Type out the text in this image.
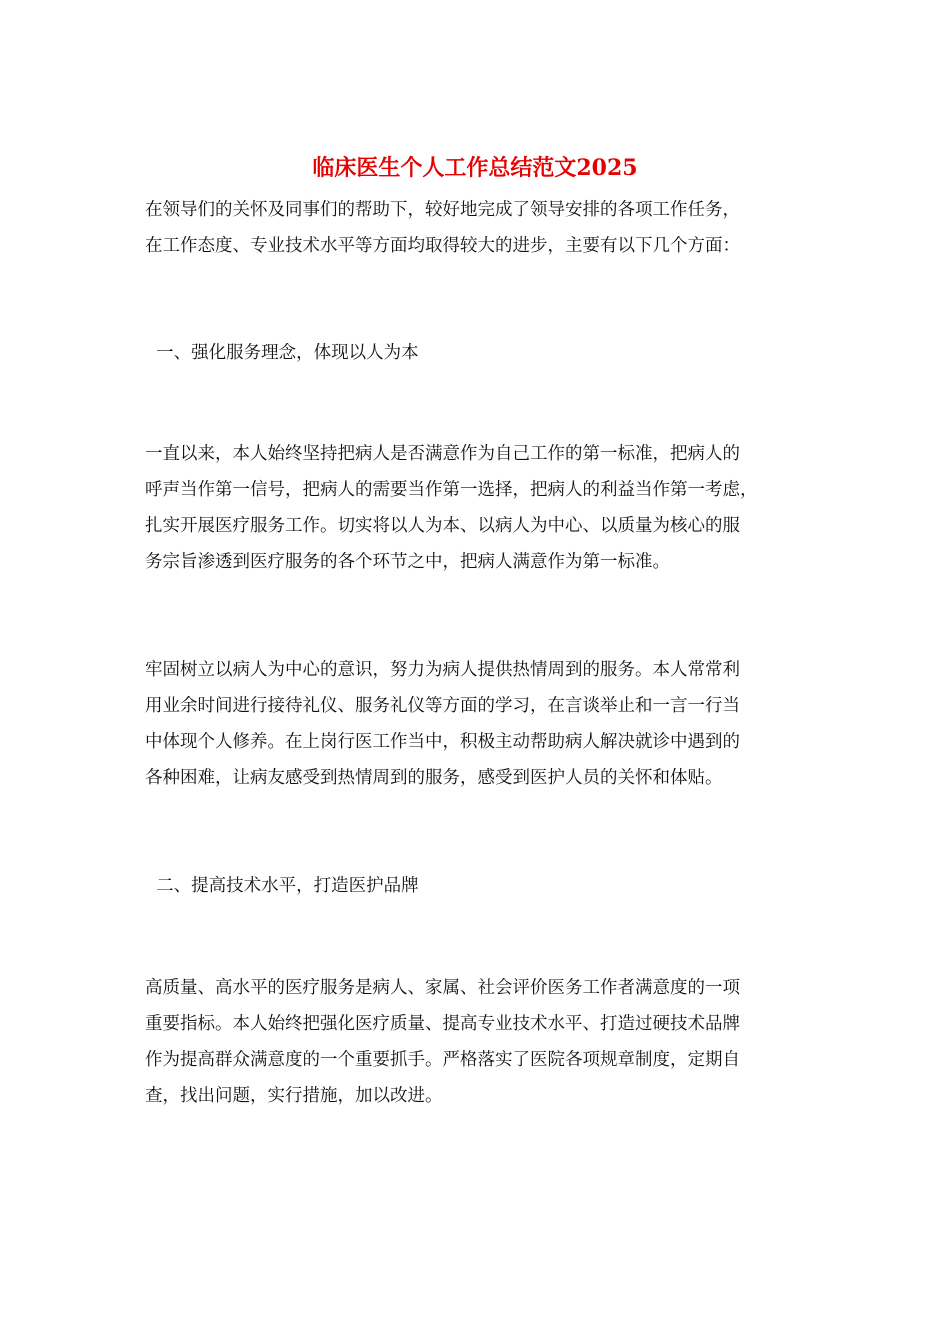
临床医生个人工作总结范文2025

在领导们的关怀及同事们的帮助下，较好地完成了领导安排的各项工作任务，
在工作态度、专业技术水平等方面均取得较大的进步，主要有以下几个方面：

一、强化服务理念，体现以人为本

一直以来，本人始终坚持把病人是否满意作为自己工作的第一标准，把病人的
呼声当作第一信号，把病人的需要当作第一选择，把病人的利益当作第一考虑，
扎实开展医疗服务工作。切实将以人为本、以病人为中心、以质量为核心的服
务宗旨渗透到医疗服务的各个环节之中，把病人满意作为第一标准。

牢固树立以病人为中心的意识，努力为病人提供热情周到的服务。本人常常利
用业余时间进行接待礼仪、服务礼仪等方面的学习，在言谈举止和一言一行当
中体现个人修养。在上岗行医工作当中，积极主动帮助病人解决就诊中遇到的
各种困难，让病友感受到热情周到的服务，感受到医护人员的关怀和体贴。

二、提高技术水平，打造医护品牌

高质量、高水平的医疗服务是病人、家属、社会评价医务工作者满意度的一项
重要指标。本人始终把强化医疗质量、提高专业技术水平、打造过硬技术品牌
作为提高群众满意度的一个重要抓手。严格落实了医院各项规章制度，定期自
查，找出问题，实行措施，加以改进。
